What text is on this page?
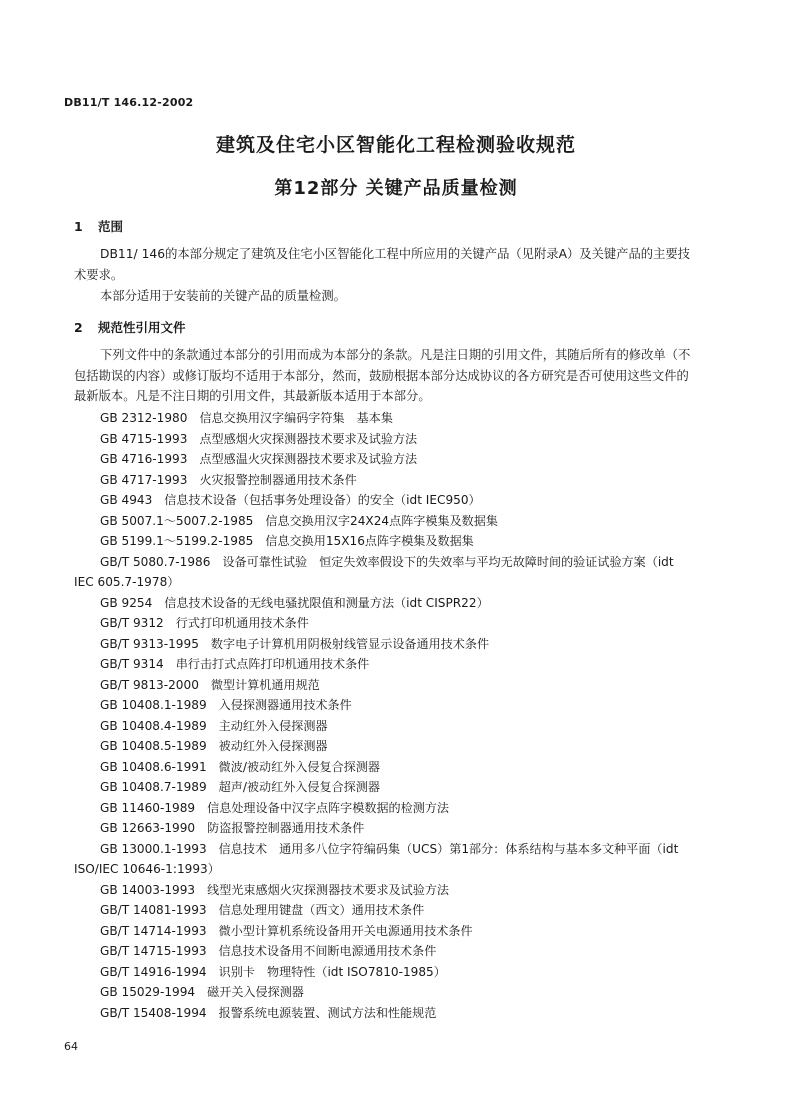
DB11/T 146.12-2002
建筑及住宅小区智能化工程检测验收规范
第12部分 关键产品质量检测
1 范围

DB11/ 146的本部分规定了建筑及住宅小区智能化工程中所应用的关键产品（见附录A）及关键产品的主要技术要求。

本部分适用于安装前的关键产品的质量检测。

2 规范性引用文件

下列文件中的条款通过本部分的引用而成为本部分的条款。凡是注日期的引用文件，其随后所有的修改单（不包括勘误的内容）或修订版均不适用于本部分，然而，鼓励根据本部分达成协议的各方研究是否可使用这些文件的最新版本。凡是不注日期的引用文件，其最新版本适用于本部分。

GB 2312-1980 信息交换用汉字编码字符集　基本集
GB 4715-1993 点型感烟火灾探测器技术要求及试验方法
GB 4716-1993 点型感温火灾探测器技术要求及试验方法
GB 4717-1993 火灾报警控制器通用技术条件
GB 4943 信息技术设备（包括事务处理设备）的安全（idt IEC950）
GB 5007.1～5007.2-1985 信息交换用汉字24X24点阵字模集及数据集
GB 5199.1～5199.2-1985 信息交换用15X16点阵字模集及数据集
GB/T 5080.7-1986 设备可靠性试验　恒定失效率假设下的失效率与平均无故障时间的验证试验方案（idt IEC 605.7-1978）
GB 9254 信息技术设备的无线电骚扰限值和测量方法（idt CISPR22）
GB/T 9312 行式打印机通用技术条件
GB/T 9313-1995 数字电子计算机用阴极射线管显示设备通用技术条件
GB/T 9314 串行击打式点阵打印机通用技术条件
GB/T 9813-2000 微型计算机通用规范
GB 10408.1-1989 入侵探测器通用技术条件
GB 10408.4-1989 主动红外入侵探测器
GB 10408.5-1989 被动红外入侵探测器
GB 10408.6-1991 微波/被动红外入侵复合探测器
GB 10408.7-1989 超声/被动红外入侵复合探测器
GB 11460-1989 信息处理设备中汉字点阵字模数据的检测方法
GB 12663-1990 防盗报警控制器通用技术条件
GB 13000.1-1993 信息技术　通用多八位字符编码集（UCS）第1部分：体系结构与基本多文种平面（idt ISO/IEC 10646-1:1993）
GB 14003-1993 线型光束感烟火灾探测器技术要求及试验方法
GB/T 14081-1993 信息处理用键盘（西文）通用技术条件
GB/T 14714-1993 微小型计算机系统设备用开关电源通用技术条件
GB/T 14715-1993 信息技术设备用不间断电源通用技术条件
GB/T 14916-1994 识别卡　物理特性（idt ISO7810-1985）
GB 15029-1994 磁开关入侵探测器
GB/T 15408-1994 报警系统电源装置、测试方法和性能规范
64
